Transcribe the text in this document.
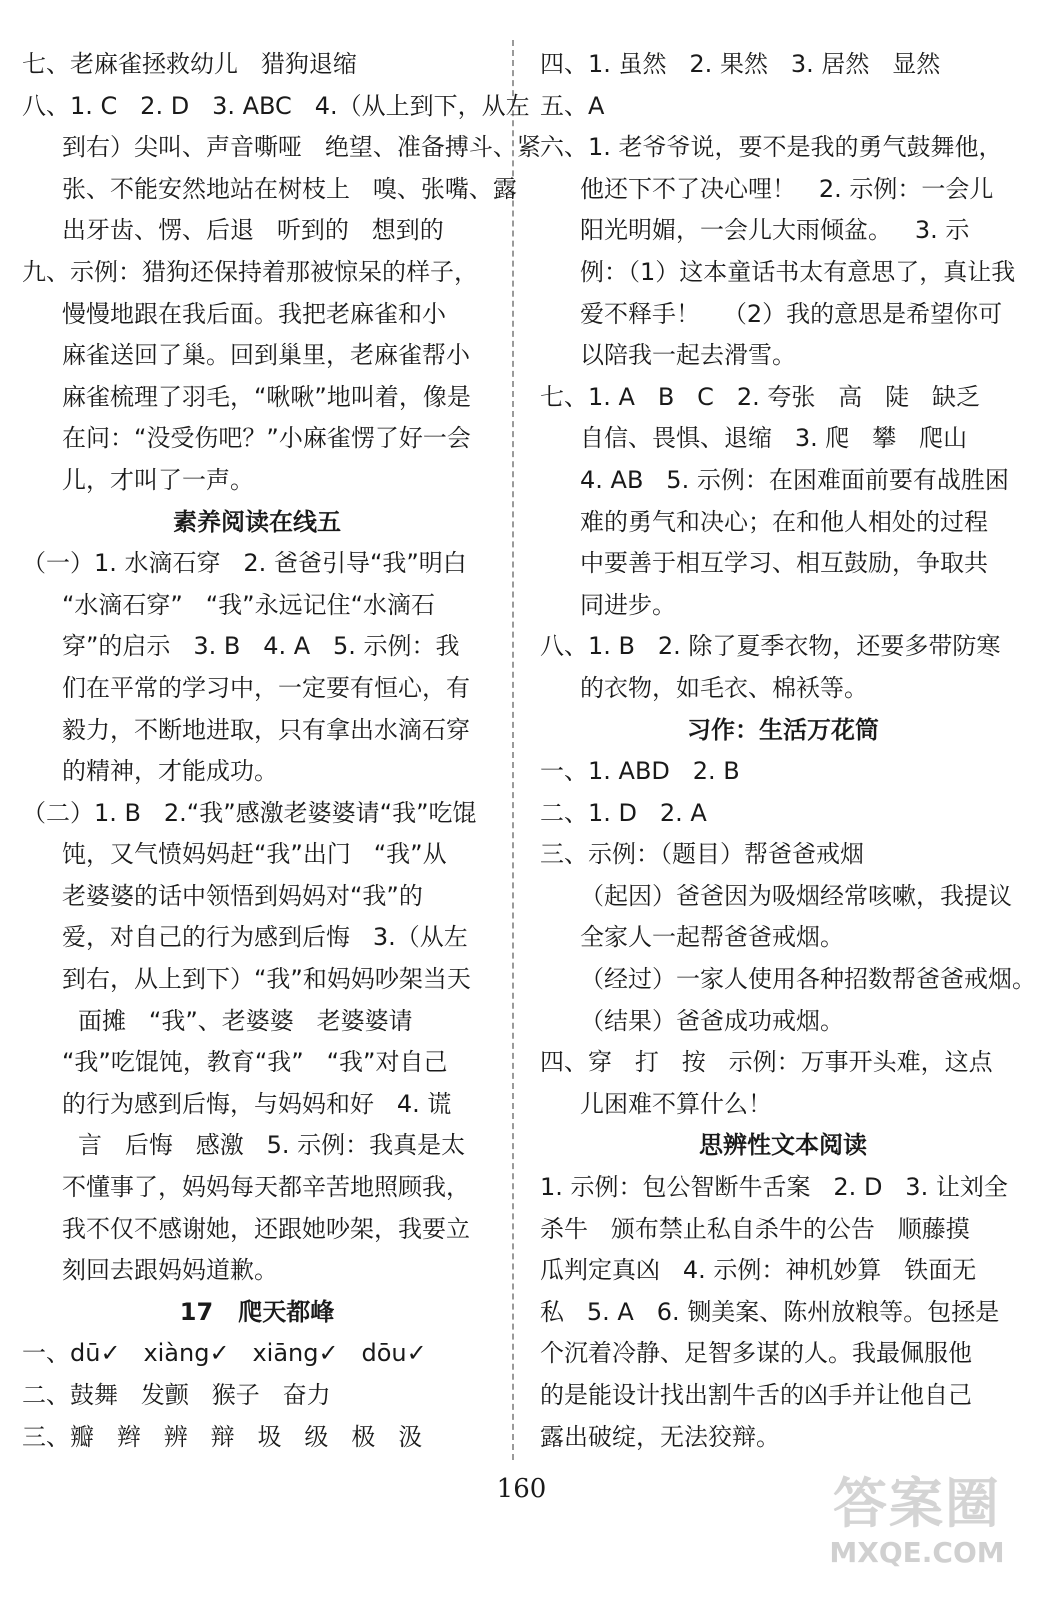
七、老麻雀拯救幼儿   猎狗退缩
八、1. C   2. D   3. ABC   4.（从上到下，从左
到右）尖叫、声音嘶哑   绝望、准备搏斗、紧
张、不能安然地站在树枝上   嗅、张嘴、露
出牙齿、愣、后退   听到的   想到的
九、示例：猎狗还保持着那被惊呆的样子，
慢慢地跟在我后面。我把老麻雀和小
麻雀送回了巢。回到巢里，老麻雀帮小
麻雀梳理了羽毛，“啾啾”地叫着，像是
在问：“没受伤吧？”小麻雀愣了好一会
儿，才叫了一声。
素养阅读在线五
（一）1. 水滴石穿   2. 爸爸引导“我”明白
“水滴石穿”   “我”永远记住“水滴石
穿”的启示   3. B   4. A   5. 示例：我
们在平常的学习中，一定要有恒心，有
毅力，不断地进取，只有拿出水滴石穿
的精神，才能成功。
（二）1. B   2.“我”感激老婆婆请“我”吃馄
饨，又气愤妈妈赶“我”出门   “我”从
老婆婆的话中领悟到妈妈对“我”的
爱，对自己的行为感到后悔   3.（从左
到右，从上到下）“我”和妈妈吵架当天
面摊   “我”、老婆婆   老婆婆请
“我”吃馄饨，教育“我”   “我”对自己
的行为感到后悔，与妈妈和好   4. 谎
言   后悔   感激   5. 示例：我真是太
不懂事了，妈妈每天都辛苦地照顾我，
我不仅不感谢她，还跟她吵架，我要立
刻回去跟妈妈道歉。
17   爬天都峰
一、dū✓   xiàng✓   xiāng✓   dōu✓
二、鼓舞   发颤   猴子   奋力
三、瓣   辫   辨   辩   圾   级   极   汲
四、1. 虽然   2. 果然   3. 居然   显然
五、A
六、1. 老爷爷说，要不是我的勇气鼓舞他，
他还下不了决心哩！   2. 示例：一会儿
阳光明媚，一会儿大雨倾盆。   3. 示
例：（1）这本童话书太有意思了，真让我
爱不释手！   （2）我的意思是希望你可
以陪我一起去滑雪。
七、1. A   B   C   2. 夸张   高   陡   缺乏
自信、畏惧、退缩   3. 爬   攀   爬山
4. AB   5. 示例：在困难面前要有战胜困
难的勇气和决心；在和他人相处的过程
中要善于相互学习、相互鼓励，争取共
同进步。
八、1. B   2. 除了夏季衣物，还要多带防寒
的衣物，如毛衣、棉袄等。
习作：生活万花筒
一、1. ABD   2. B
二、1. D   2. A
三、示例：（题目）帮爸爸戒烟
（起因）爸爸因为吸烟经常咳嗽，我提议
全家人一起帮爸爸戒烟。
（经过）一家人使用各种招数帮爸爸戒烟。
（结果）爸爸成功戒烟。
四、穿   打   按   示例：万事开头难，这点
儿困难不算什么！
思辨性文本阅读
1. 示例：包公智断牛舌案   2. D   3. 让刘全
杀牛   颁布禁止私自杀牛的公告   顺藤摸
瓜判定真凶   4. 示例：神机妙算   铁面无
私   5. A   6. 铡美案、陈州放粮等。包拯是
个沉着冷静、足智多谋的人。我最佩服他
的是能设计找出割牛舌的凶手并让他自己
露出破绽，无法狡辩。
160	答案圈
MXQE.COM
